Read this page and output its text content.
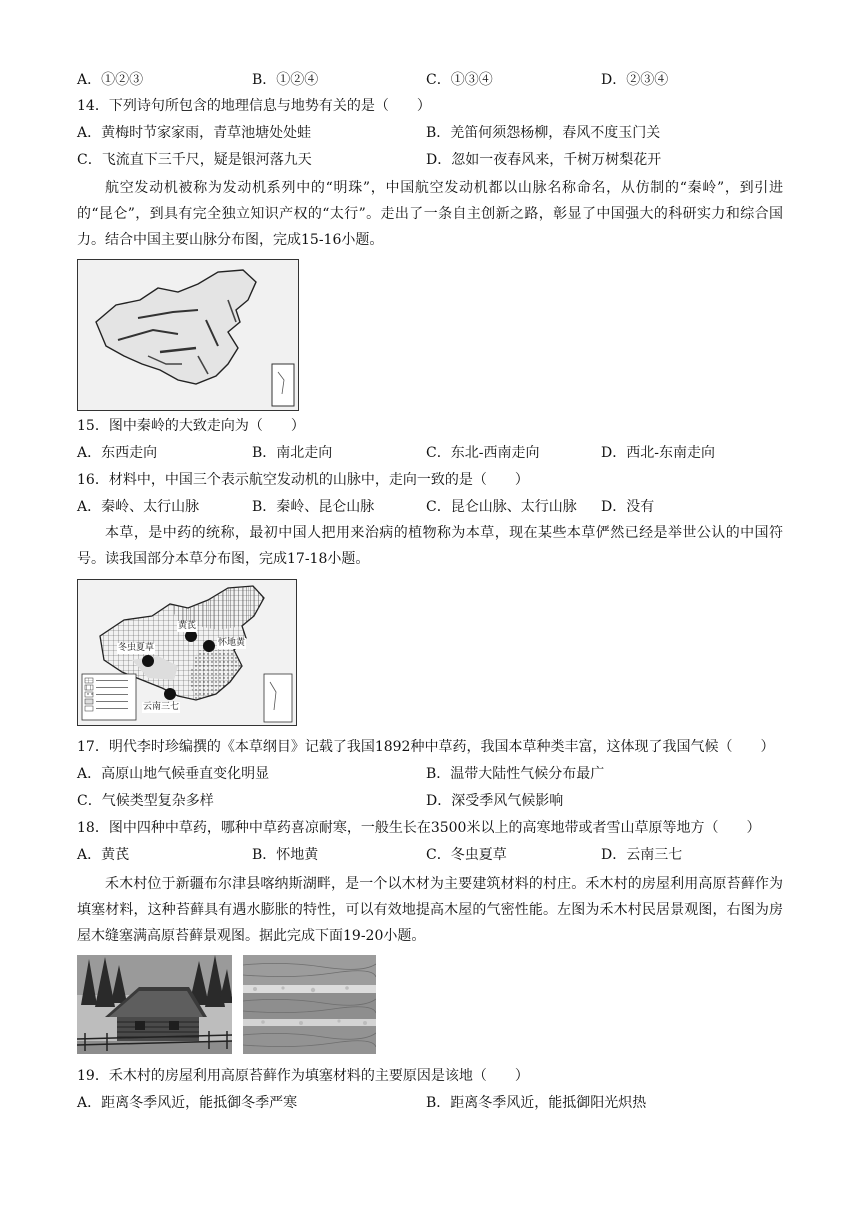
A．①②③	B．①②④	C．①③④	D．②③④
14．下列诗句所包含的地理信息与地势有关的是（　　）
A．黄梅时节家家雨，青草池塘处处蛙	B．羌笛何须怨杨柳，春风不度玉门关
C．飞流直下三千尺，疑是银河落九天	D．忽如一夜春风来，千树万树梨花开
航空发动机被称为发动机系列中的“明珠”，中国航空发动机都以山脉名称命名，从仿制的“秦岭”，到引进的“昆仑”，到具有完全独立知识产权的“太行”。走出了一条自主创新之路，彰显了中国强大的科研实力和综合国力。结合中国主要山脉分布图，完成15-16小题。
15．图中秦岭的大致走向为（　　）
A．东西走向	B．南北走向	C．东北-西南走向	D．西北-东南走向
16．材料中，中国三个表示航空发动机的山脉中，走向一致的是（　　）
A．秦岭、太行山脉	B．秦岭、昆仑山脉	C．昆仑山脉、太行山脉 D．没有
本草，是中药的统称，最初中国人把用来治病的植物称为本草，现在某些本草俨然已经是举世公认的中国符号。读我国部分本草分布图，完成17-18小题。
黄芪
冬虫夏草	怀地黄
云南三七
17．明代李时珍编撰的《本草纲目》记载了我国1892种中草药，我国本草种类丰富，这体现了我国气候（　　）
A．高原山地气候垂直变化明显	B．温带大陆性气候分布最广
C．气候类型复杂多样	D．深受季风气候影响
18．图中四种中草药，哪种中草药喜凉耐寒，一般生长在3500米以上的高寒地带或者雪山草原等地方（　　）
A．黄芪	B．怀地黄	C．冬虫夏草	D．云南三七
禾木村位于新疆布尔津县喀纳斯湖畔，是一个以木材为主要建筑材料的村庄。禾木村的房屋利用高原苔藓作为填塞材料，这种苔藓具有遇水膨胀的特性，可以有效地提高木屋的气密性能。左图为禾木村民居景观图，右图为房屋木缝塞满高原苔藓景观图。据此完成下面19-20小题。
19．禾木村的房屋利用高原苔藓作为填塞材料的主要原因是该地（　　）
A．距离冬季风近，能抵御冬季严寒	B．距离冬季风近，能抵御阳光炽热
